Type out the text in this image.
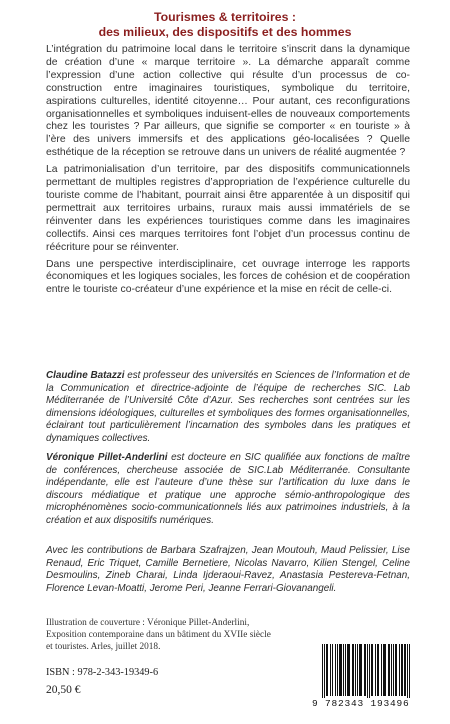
Tourismes & territoires :
des milieux, des dispositifs et des hommes

L’intégration du patrimoine local dans le territoire s’inscrit dans la dynamique de création d’une « marque territoire ». La démarche apparaît comme l’expression d’une action collective qui résulte d’un processus de co-construction entre imaginaires touristiques, symbolique du territoire, aspirations culturelles, identité citoyenne… Pour autant, ces reconfigurations organisationnelles et symboliques induisent-elles de nouveaux comportements chez les touristes ? Par ailleurs, que signifie se comporter « en touriste » à l’ère des univers immersifs et des applications géo-localisées ? Quelle esthétique de la réception se retrouve dans un univers de réalité augmentée ?

La patrimonialisation d’un territoire, par des dispositifs communicationnels permettant de multiples registres d’appropriation de l’expérience culturelle du touriste comme de l’habitant, pourrait ainsi être apparentée à un dispositif qui permettrait aux territoires urbains, ruraux mais aussi immatériels de se réinventer dans les expériences touristiques comme dans les imaginaires collectifs. Ainsi ces marques territoires font l’objet d’un processus continu de réécriture pour se réinventer.

Dans une perspective interdisciplinaire, cet ouvrage interroge les rapports économiques et les logiques sociales, les forces de cohésion et de coopération entre le touriste co-créateur d’une expérience et la mise en récit de celle-ci.

Claudine Batazzi est professeur des universités en Sciences de l’Information et de la Communication et directrice-adjointe de l’équipe de recherches SIC. Lab Méditerranée de l’Université Côte d’Azur. Ses recherches sont centrées sur les dimensions idéologiques, culturelles et symboliques des formes organisationnelles, éclairant tout particulièrement l’incarnation des symboles dans les pratiques et dynamiques collectives.

Véronique Pillet-Anderlini est docteure en SIC qualifiée aux fonctions de maître de conférences, chercheuse associée de SIC.Lab Méditerranée. Consultante indépendante, elle est l’auteure d’une thèse sur l’artification du luxe dans le discours médiatique et pratique une approche sémio-anthropologique des microphénomènes socio-communicationnels liés aux patrimoines industriels, à la création et aux dispositifs numériques.

Avec les contributions de Barbara Szafrajzen, Jean Moutouh, Maud Pelissier, Lise Renaud, Eric Triquet, Camille Bernetiere, Nicolas Navarro, Kilien Stengel, Celine Desmoulins, Zineb Charai, Linda Ijderaoui-Ravez, Anastasia Pestereva-Fetnan, Florence Levan-Moatti, Jerome Peri, Jeanne Ferrari-Giovanangeli.

Illustration de couverture : Véronique Pillet-Anderlini,
Exposition contemporaine dans un bâtiment du XVIIe siècle
et touristes. Arles, juillet 2018.
ISBN : 978-2-343-19349-6
20,50 €
9 782343 193496
